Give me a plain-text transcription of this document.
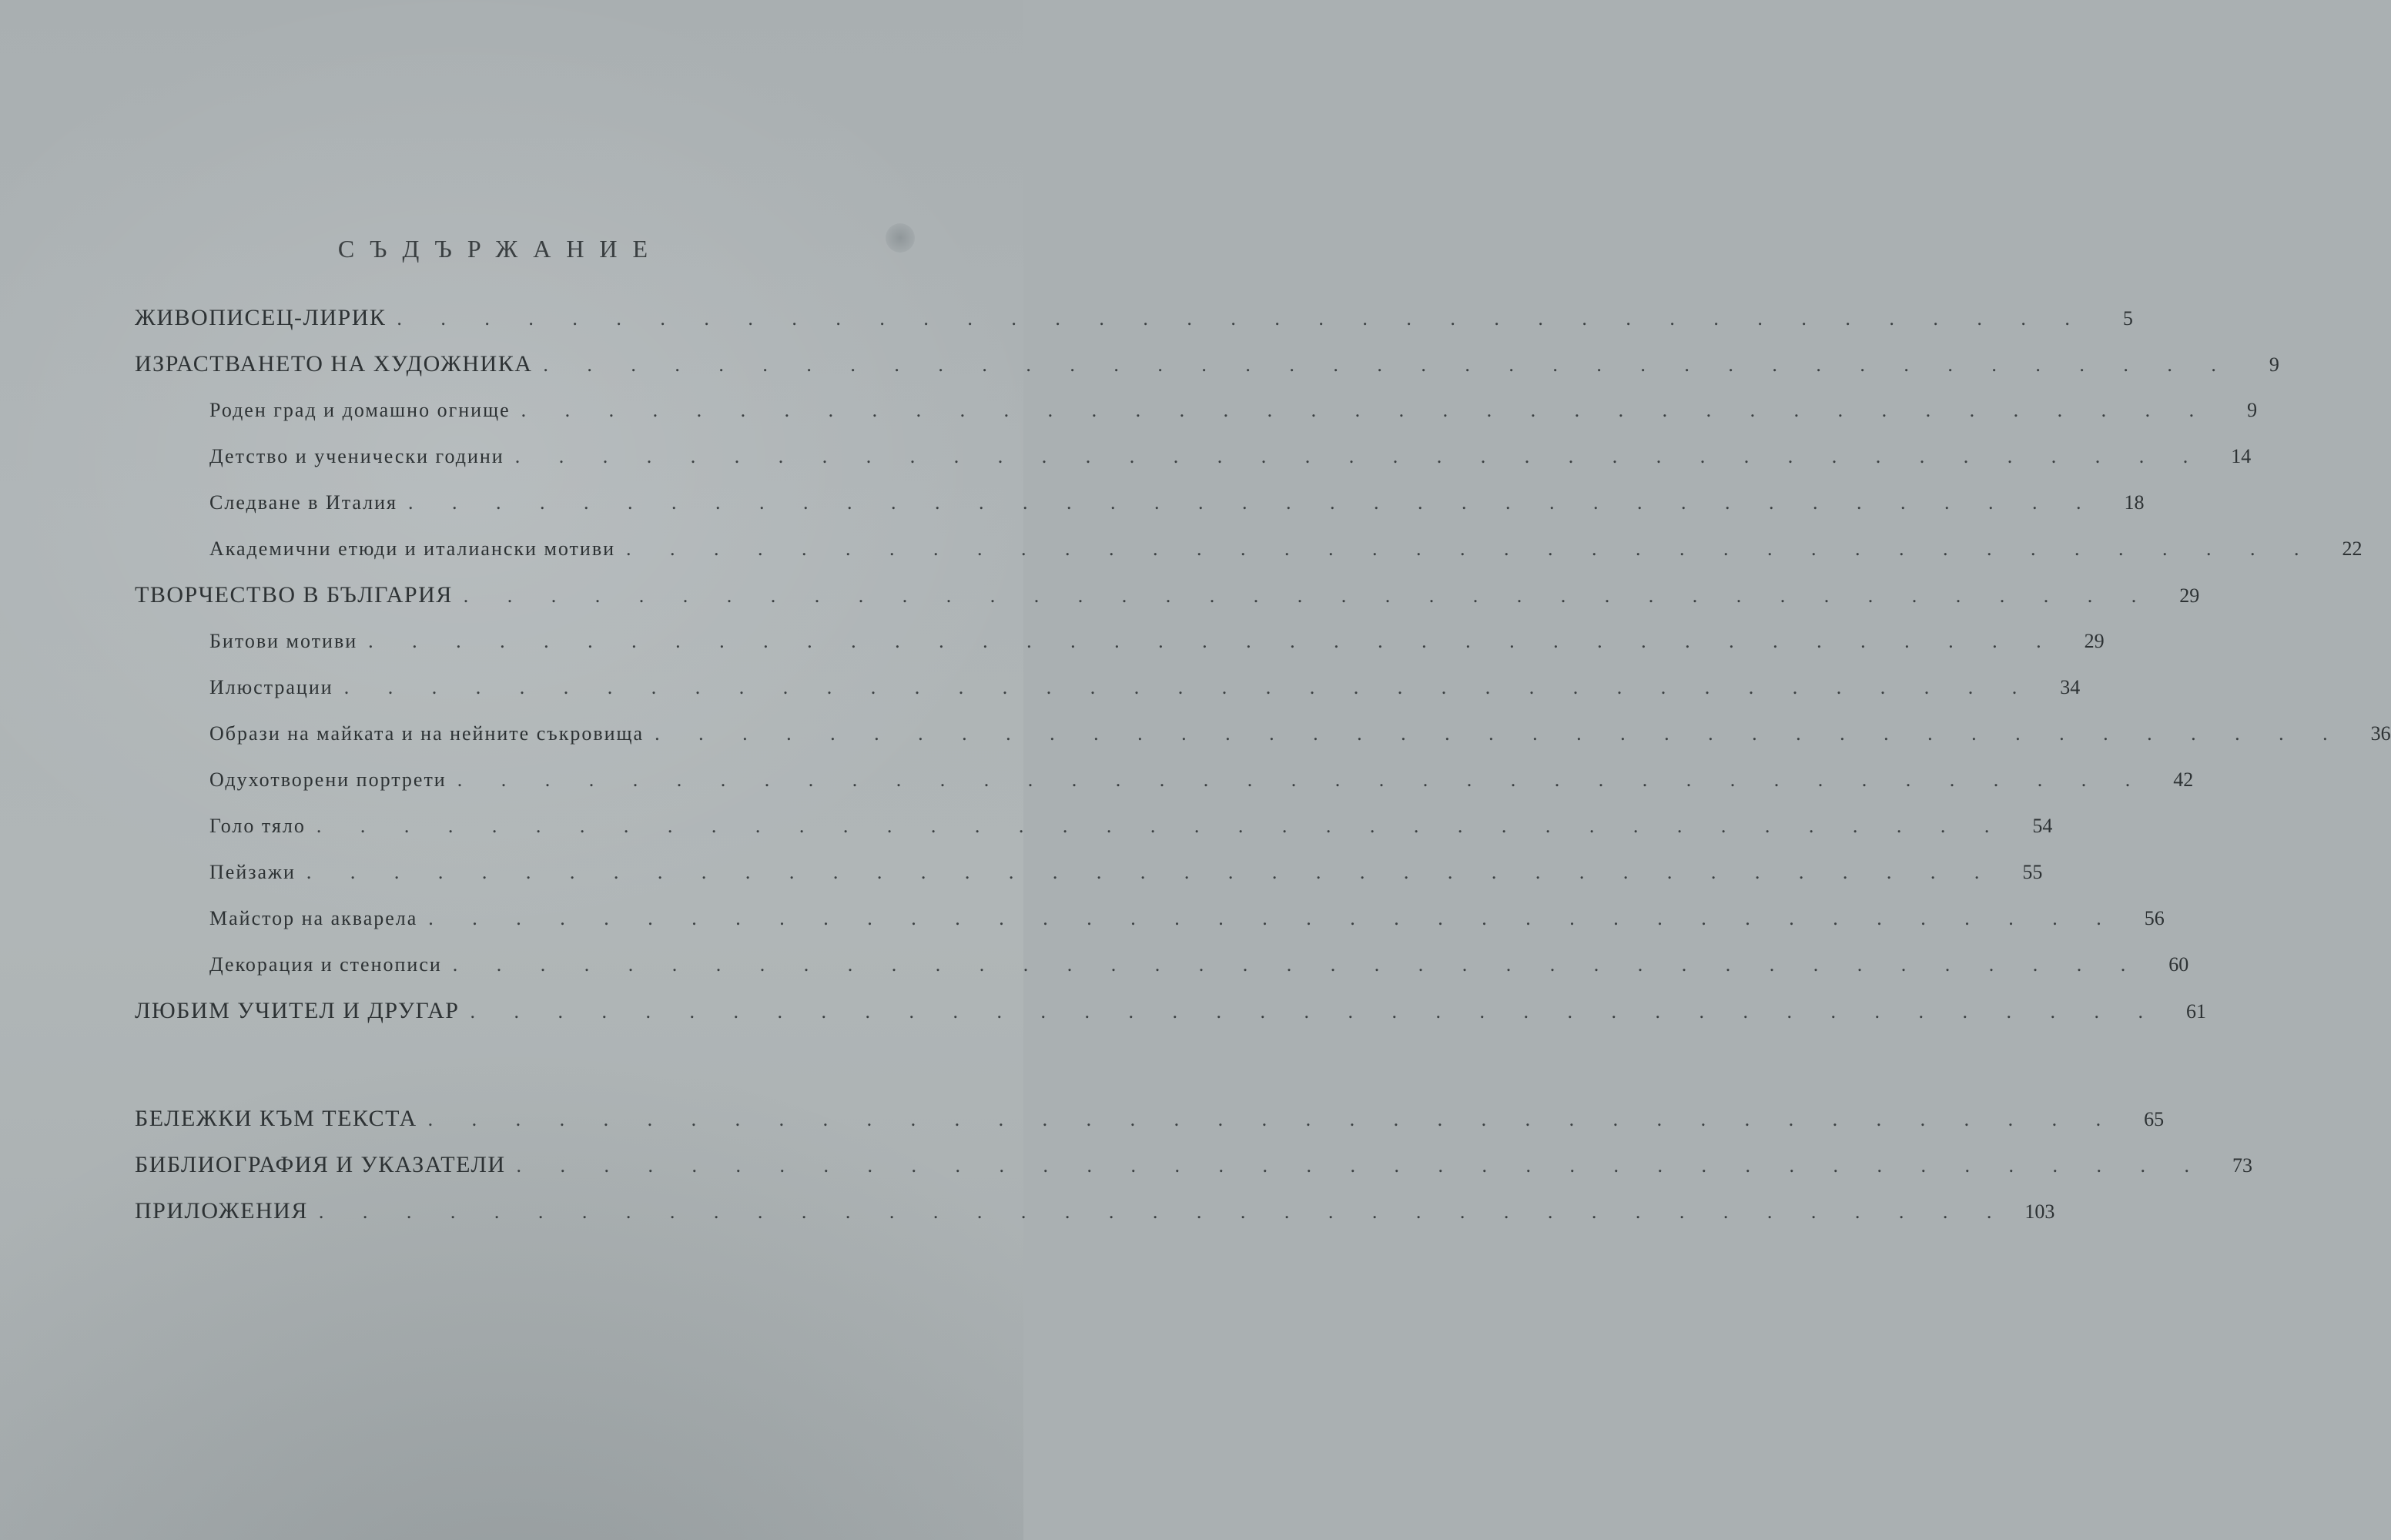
СЪДЪРЖАНИЕ
ЖИВОПИСЕЦ-ЛИРИК . . . . . . . . . . . . . . . . . . . . . . . . . . . . . . . . . . . . . . .	5
ИЗРАСТВАНЕТО НА ХУДОЖНИКА . . . . . . . . . . . . . . . . . . . . . . . . . . . . . . . . . . . . . . .	9
Роден град и домашно огнище . . . . . . . . . . . . . . . . . . . . . . . . . . . . . . . . . . . . . . .	9
Детство и ученически години . . . . . . . . . . . . . . . . . . . . . . . . . . . . . . . . . . . . . . .	14
Следване в Италия . . . . . . . . . . . . . . . . . . . . . . . . . . . . . . . . . . . . . . .	18
Академични етюди и италиански мотиви . . . . . . . . . . . . . . . . . . . . . . . . . . . . . . . . . . . . . . .	22
ТВОРЧЕСТВО В БЪЛГАРИЯ . . . . . . . . . . . . . . . . . . . . . . . . . . . . . . . . . . . . . . .	29
Битови мотиви . . . . . . . . . . . . . . . . . . . . . . . . . . . . . . . . . . . . . . .	29
Илюстрации . . . . . . . . . . . . . . . . . . . . . . . . . . . . . . . . . . . . . . .	34
Образи на майката и на нейните съкровища . . . . . . . . . . . . . . . . . . . . . . . . . . . . . . . . . . . . . . .	36
Одухотворени портрети . . . . . . . . . . . . . . . . . . . . . . . . . . . . . . . . . . . . . . .	42
Голо тяло . . . . . . . . . . . . . . . . . . . . . . . . . . . . . . . . . . . . . . .	54
Пейзажи . . . . . . . . . . . . . . . . . . . . . . . . . . . . . . . . . . . . . . .	55
Майстор на акварела . . . . . . . . . . . . . . . . . . . . . . . . . . . . . . . . . . . . . . .	56
Декорация и стенописи . . . . . . . . . . . . . . . . . . . . . . . . . . . . . . . . . . . . . . .	60
ЛЮБИМ УЧИТЕЛ И ДРУГАР . . . . . . . . . . . . . . . . . . . . . . . . . . . . . . . . . . . . . . .	61
БЕЛЕЖКИ КЪМ ТЕКСТА . . . . . . . . . . . . . . . . . . . . . . . . . . . . . . . . . . . . . . .	65
БИБЛИОГРАФИЯ И УКАЗАТЕЛИ . . . . . . . . . . . . . . . . . . . . . . . . . . . . . . . . . . . . . . .	73
ПРИЛОЖЕНИЯ . . . . . . . . . . . . . . . . . . . . . . . . . . . . . . . . . . . . . . . 103
